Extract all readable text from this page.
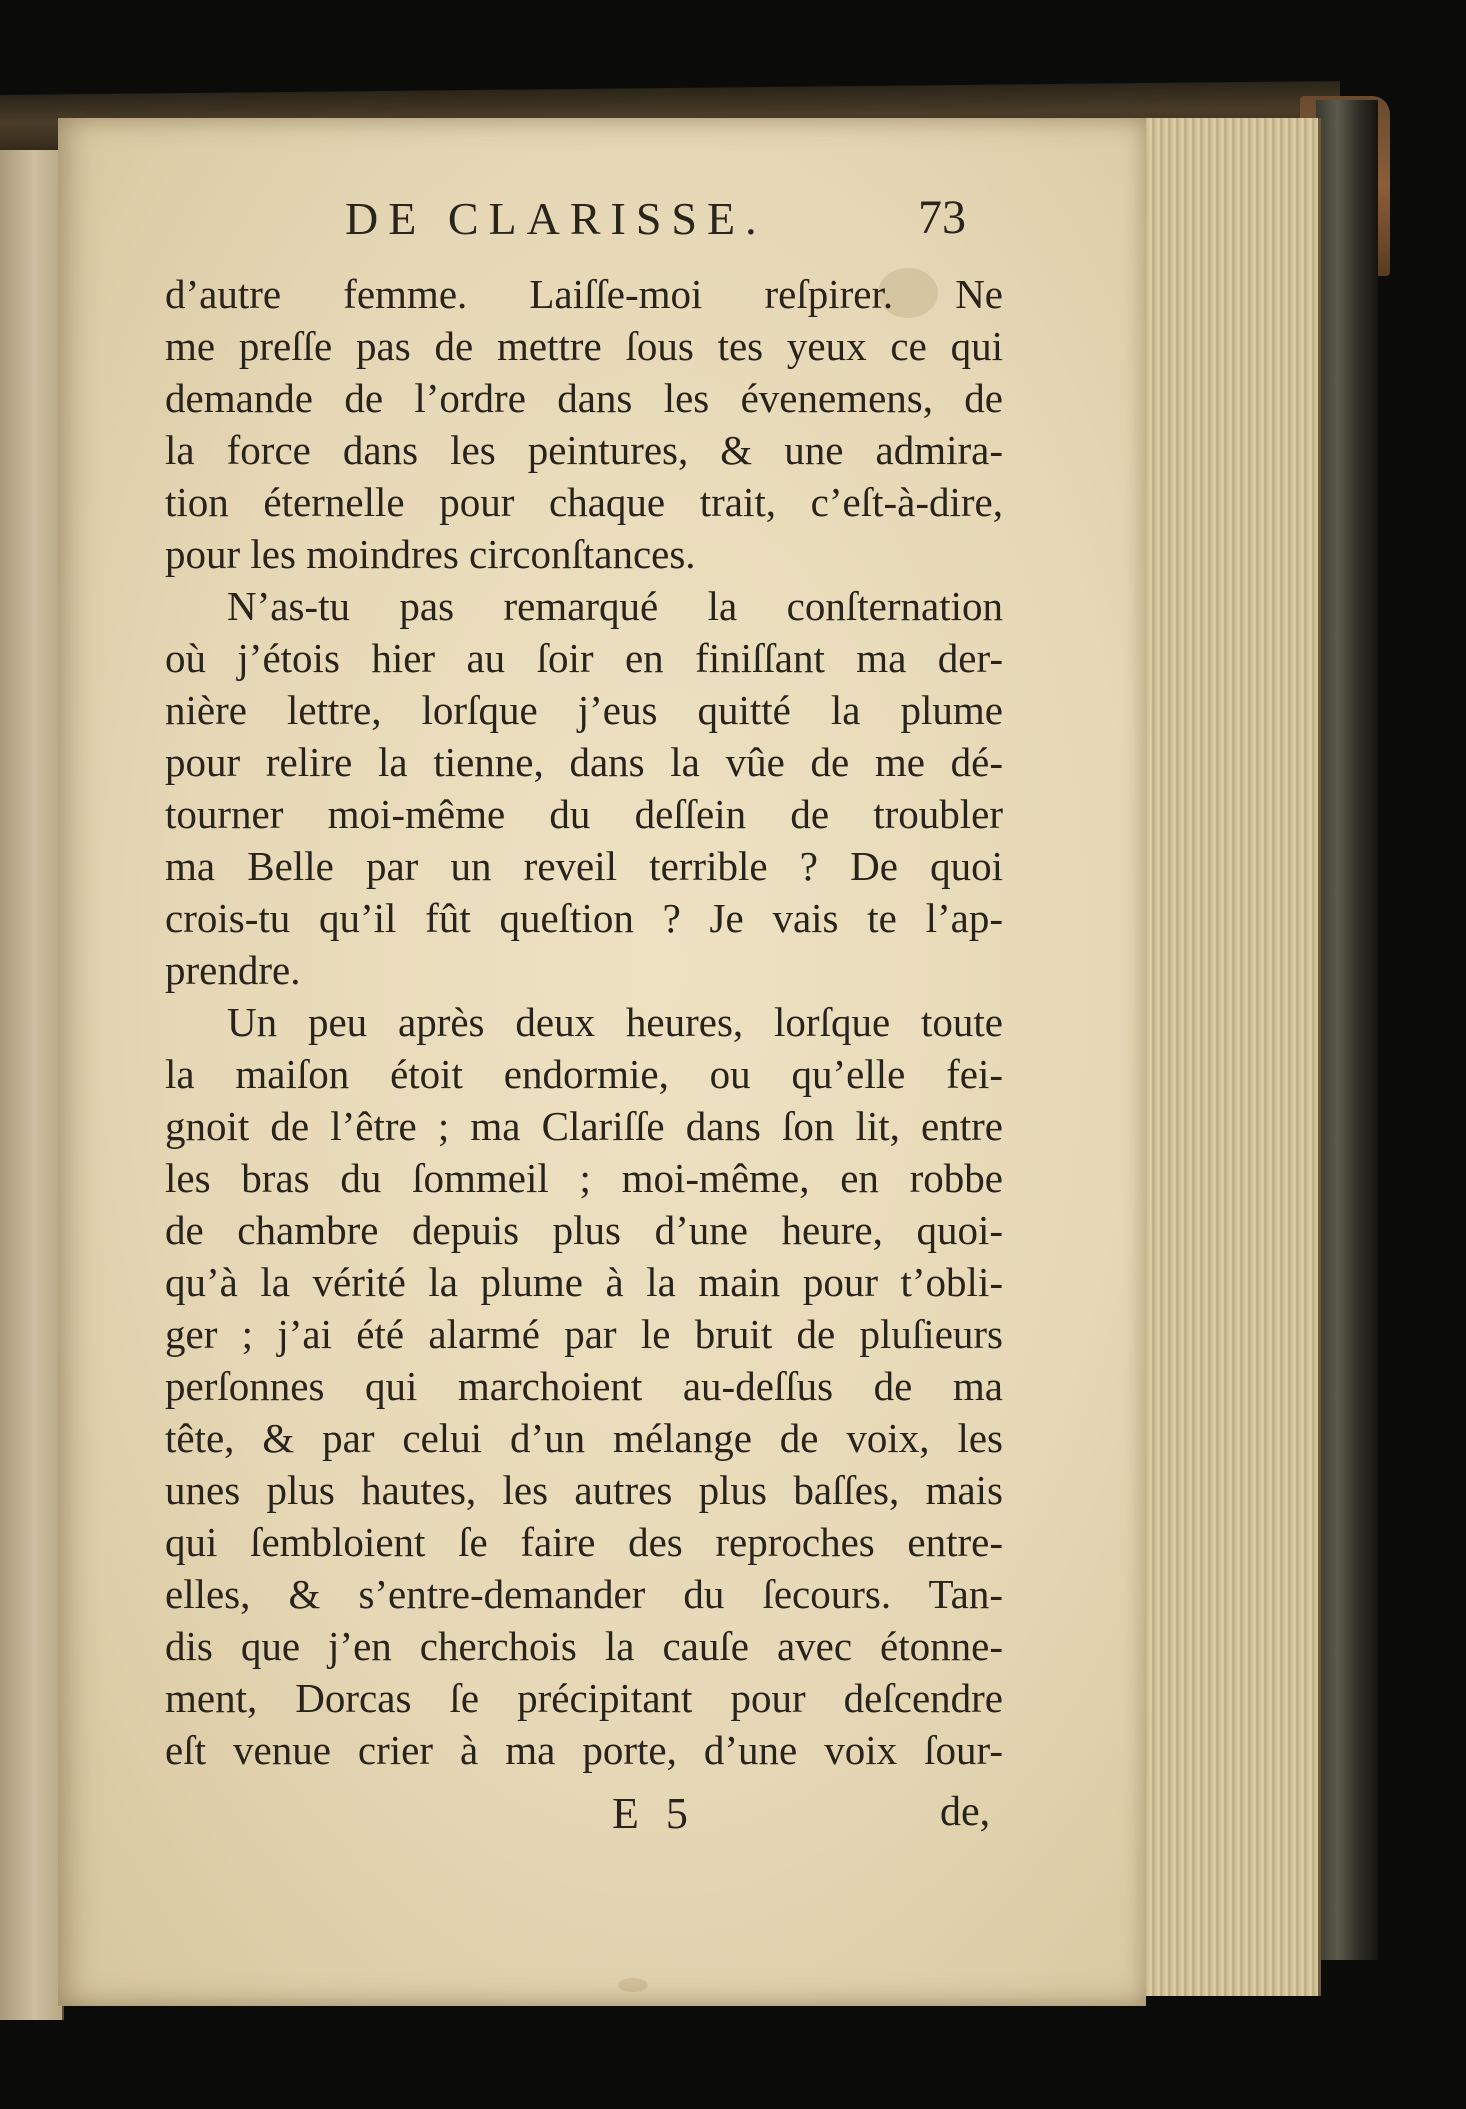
DE CLARISSE.	73
d’autre femme. Laiſſe-moi reſpirer. Ne
me preſſe pas de mettre ſous tes yeux ce qui
demande de l’ordre dans les évenemens, de
la force dans les peintures, & une admira-
tion éternelle pour chaque trait, c’eſt-à-dire,
pour les moindres circonſtances.
N’as-tu pas remarqué la conſternation
où j’étois hier au ſoir en finiſſant ma der-
nière lettre, lorſque j’eus quitté la plume
pour relire la tienne, dans la vûe de me dé-
tourner moi-même du deſſein de troubler
ma Belle par un reveil terrible ? De quoi
crois-tu qu’il fût queſtion ? Je vais te l’ap-
prendre.
Un peu après deux heures, lorſque toute
la maiſon étoit endormie, ou qu’elle fei-
gnoit de l’être ; ma Clariſſe dans ſon lit, entre
les bras du ſommeil ; moi-même, en robbe
de chambre depuis plus d’une heure, quoi-
qu’à la vérité la plume à la main pour t’obli-
ger ; j’ai été alarmé par le bruit de pluſieurs
perſonnes qui marchoient au-deſſus de ma
tête, & par celui d’un mélange de voix, les
unes plus hautes, les autres plus baſſes, mais
qui ſembloient ſe faire des reproches entre-
elles, & s’entre-demander du ſecours. Tan-
dis que j’en cherchois la cauſe avec étonne-
ment, Dorcas ſe précipitant pour deſcendre
eſt venue crier à ma porte, d’une voix ſour-
E 5	de,
